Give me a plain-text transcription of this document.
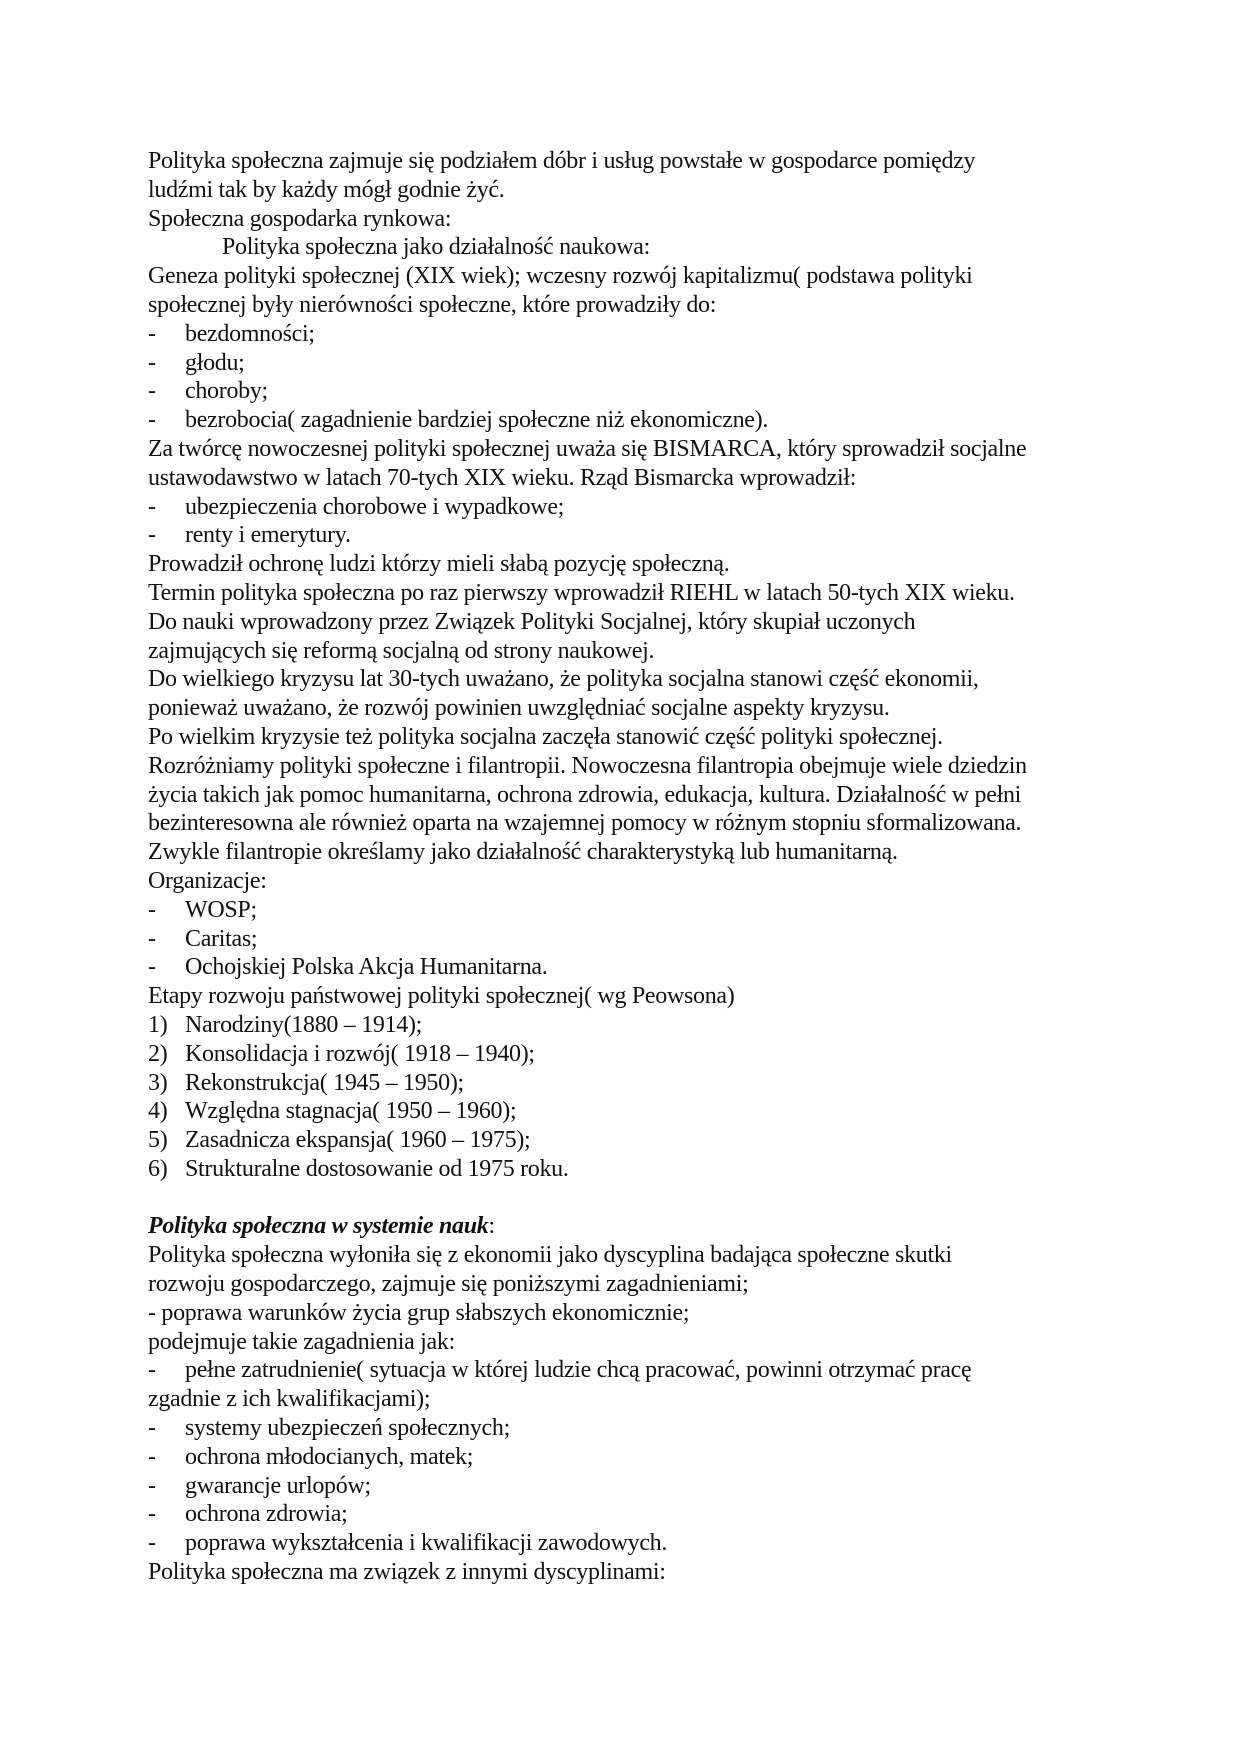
Polityka społeczna zajmuje się podziałem dóbr i usług powstałe w gospodarce pomiędzy
ludźmi tak by każdy mógł godnie żyć.
Społeczna gospodarka rynkowa:
Polityka społeczna jako działalność naukowa:
Geneza polityki społecznej (XIX wiek); wczesny rozwój kapitalizmu( podstawa polityki
społecznej były nierówności społeczne, które prowadziły do:
- bezdomności;
- głodu;
- choroby;
- bezrobocia( zagadnienie bardziej społeczne niż ekonomiczne).
Za twórcę nowoczesnej polityki społecznej uważa się BISMARCA, który sprowadził socjalne
ustawodawstwo w latach 70-tych XIX wieku. Rząd Bismarcka wprowadził:
- ubezpieczenia chorobowe i wypadkowe;
- renty i emerytury.
Prowadził ochronę ludzi którzy mieli słabą pozycję społeczną.
Termin polityka społeczna po raz pierwszy wprowadził RIEHL w latach 50-tych XIX wieku.
Do nauki wprowadzony przez Związek Polityki Socjalnej, który skupiał uczonych
zajmujących się reformą socjalną od strony naukowej.
Do wielkiego kryzysu lat 30-tych uważano, że polityka socjalna stanowi część ekonomii,
ponieważ uważano, że rozwój powinien uwzględniać socjalne aspekty kryzysu.
Po wielkim kryzysie też polityka socjalna zaczęła stanowić część polityki społecznej.
Rozróżniamy polityki społeczne i filantropii. Nowoczesna filantropia obejmuje wiele dziedzin
życia takich jak pomoc humanitarna, ochrona zdrowia, edukacja, kultura. Działalność w pełni
bezinteresowna ale również oparta na wzajemnej pomocy w różnym stopniu sformalizowana.
Zwykle filantropie określamy jako działalność charakterystyką lub humanitarną.
Organizacje:
- WOSP;
- Caritas;
- Ochojskiej Polska Akcja Humanitarna.
Etapy rozwoju państwowej polityki społecznej( wg Peowsona)
1) Narodziny(1880 – 1914);
2) Konsolidacja i rozwój( 1918 – 1940);
3) Rekonstrukcja( 1945 – 1950);
4) Względna stagnacja( 1950 – 1960);
5) Zasadnicza ekspansja( 1960 – 1975);
6) Strukturalne dostosowanie od 1975 roku.
Polityka społeczna w systemie nauk:
Polityka społeczna wyłoniła się z ekonomii jako dyscyplina badająca społeczne skutki
rozwoju gospodarczego, zajmuje się poniższymi zagadnieniami;
- poprawa warunków życia grup słabszych ekonomicznie;
podejmuje takie zagadnienia jak:
- pełne zatrudnienie( sytuacja w której ludzie chcą pracować, powinni otrzymać pracę
zgadnie z ich kwalifikacjami);
- systemy ubezpieczeń społecznych;
- ochrona młodocianych, matek;
- gwarancje urlopów;
- ochrona zdrowia;
- poprawa wykształcenia i kwalifikacji zawodowych.
Polityka społeczna ma związek z innymi dyscyplinami:
